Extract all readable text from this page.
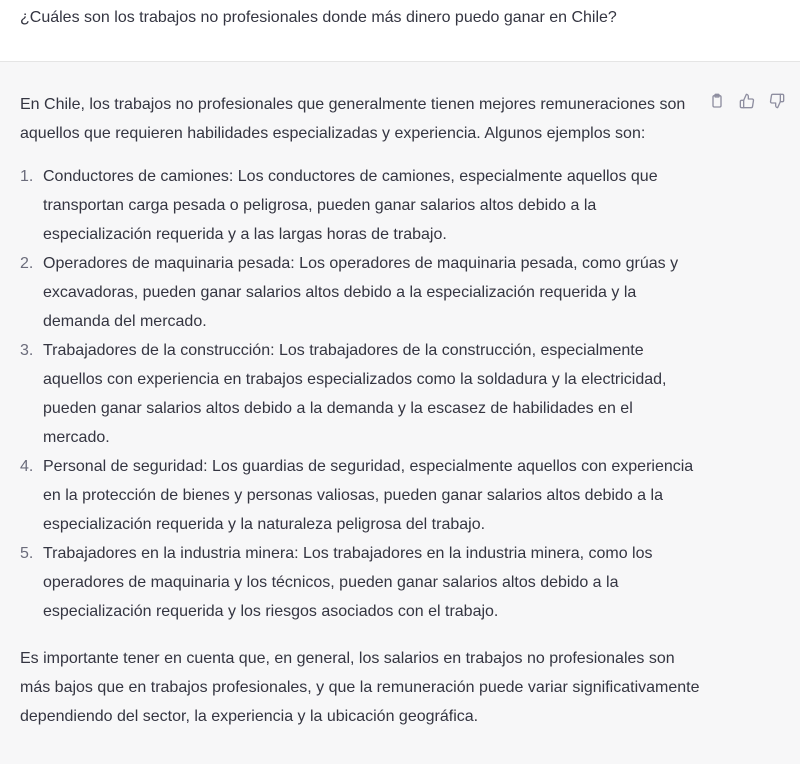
¿Cuáles son los trabajos no profesionales donde más dinero puedo ganar en Chile?

En Chile, los trabajos no profesionales que generalmente tienen mejores remuneraciones son aquellos que requieren habilidades especializadas y experiencia. Algunos ejemplos son:

1. Conductores de camiones: Los conductores de camiones, especialmente aquellos que transportan carga pesada o peligrosa, pueden ganar salarios altos debido a la especialización requerida y a las largas horas de trabajo.
2. Operadores de maquinaria pesada: Los operadores de maquinaria pesada, como grúas y excavadoras, pueden ganar salarios altos debido a la especialización requerida y la demanda del mercado.
3. Trabajadores de la construcción: Los trabajadores de la construcción, especialmente aquellos con experiencia en trabajos especializados como la soldadura y la electricidad, pueden ganar salarios altos debido a la demanda y la escasez de habilidades en el mercado.
4. Personal de seguridad: Los guardias de seguridad, especialmente aquellos con experiencia en la protección de bienes y personas valiosas, pueden ganar salarios altos debido a la especialización requerida y la naturaleza peligrosa del trabajo.
5. Trabajadores en la industria minera: Los trabajadores en la industria minera, como los operadores de maquinaria y los técnicos, pueden ganar salarios altos debido a la especialización requerida y los riesgos asociados con el trabajo.

Es importante tener en cuenta que, en general, los salarios en trabajos no profesionales son más bajos que en trabajos profesionales, y que la remuneración puede variar significativamente dependiendo del sector, la experiencia y la ubicación geográfica.
